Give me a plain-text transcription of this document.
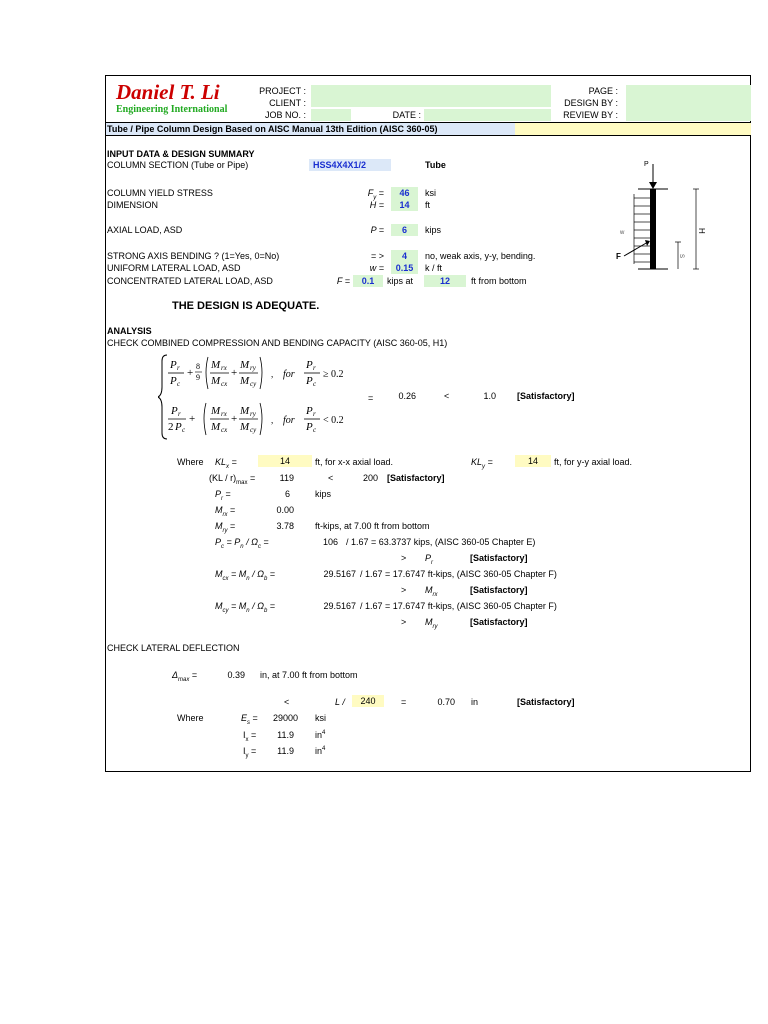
Daniel T. Li
Engineering International
PROJECT :
CLIENT :
JOB NO. :	DATE :
PAGE :
DESIGN BY :
REVIEW BY :
Tube / Pipe Column Design Based on AISC Manual 13th Edition (AISC 360-05)
INPUT DATA & DESIGN SUMMARY
COLUMN SECTION (Tube or Pipe)	HSS4X4X1/2	Tube
COLUMN YIELD STRESS	$F_y$ =	46	ksi
DIMENSION	H =	14	ft
AXIAL LOAD, ASD	P =	6	kips
STRONG AXIS BENDING ? (1=Yes, 0=No)	= >	4	no, weak axis, y-y, bending.
UNIFORM LATERAL LOAD, ASD	w =	0.15	k / ft
CONCENTRATED LATERAL LOAD, ASD	F =	0.1	kips at	12	ft from bottom
THE DESIGN IS ADEQUATE.
P
w
F
H
S
ANALYSIS
CHECK COMBINED COMPRESSION AND BENDING CAPACITY (AISC 360-05, H1)
P r
P c
+
8
9
M rx
M cx
+
M ry
M cy
, for
P r
P c
≥ 0.2
P r
2 P c
+
M rx
M cx
+
M ry
M cy
, for
P r
P c
< 0.2
=	0.26	<	1.0 [Satisfactory]
Where $KL_x$ =	14	ft, for x-x axial load.	$KL_y$ =	14	ft, for y-y axial load.
$(KL / r)_{max}$ =	119	<	200 [Satisfactory]
$P_r$ =	6	kips
$M_{rx}$ =	0.00
$M_{ry}$ =	3.78 ft-kips, at 7.00 ft from bottom
$P_c = P_n / \Omega_c$ =	106 / 1.67 = 63.3737 kips, (AISC 360-05 Chapter E)
> $P_r$	[Satisfactory]
$M_{cx} = M_n / \Omega_b$ =	29.5167 / 1.67 = 17.6747 ft-kips, (AISC 360-05 Chapter F)
> $M_{rx}$	[Satisfactory]
$M_{cy} = M_n / \Omega_b$ =	29.5167 / 1.67 = 17.6747 ft-kips, (AISC 360-05 Chapter F)
> $M_{ry}$	[Satisfactory]
CHECK LATERAL DEFLECTION
$\Delta_{max}$ =	0.39 in, at 7.00 ft from bottom
<	L /	240	=	0.70 in	[Satisfactory]
Where	$E_s$ =	29000 ksi
$I_x$ =	11.9 $in^4$
$I_y$ =	11.9 $in^4$
